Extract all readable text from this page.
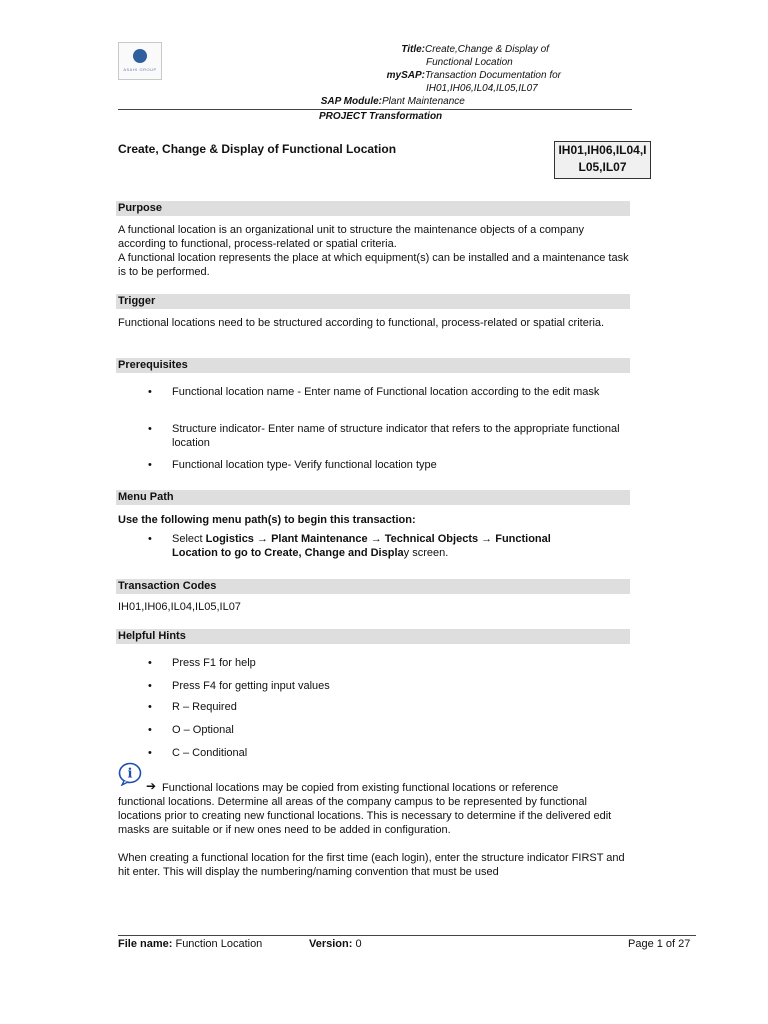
ASAHI GROUP
Title:Create,Change & Display of
Functional Location
mySAP:Transaction Documentation for
IH01,IH06,IL04,IL05,IL07
SAP Module:Plant Maintenance
PROJECT Transformation
Create, Change & Display of Functional Location	IH01,IH06,IL04,I
L05,IL07
Purpose
A functional location is an organizational unit to structure the maintenance objects of a company according to functional, process-related or spatial criteria.
A functional location represents the place at which equipment(s) can be installed and a maintenance task is to be performed.
Trigger
Functional locations need to be structured according to functional, process-related or spatial criteria.
Prerequisites
• Functional location name - Enter name of Functional location according to the edit mask
• Structure indicator- Enter name of structure indicator that refers to the appropriate functional location
• Functional location type- Verify functional location type
Menu Path
Use the following menu path(s) to begin this transaction:
• Select Logistics → Plant Maintenance → Technical Objects → Functional
Location to go to Create, Change and Display screen.
Transaction Codes
IH01,IH06,IL04,IL05,IL07
Helpful Hints
• Press F1 for help
• Press F4 for getting input values
• R – Required
• O – Optional
• C – Conditional
i
➔ Functional locations may be copied from existing functional locations or reference
functional locations. Determine all areas of the company campus to be represented by functional locations prior to creating new functional locations. This is necessary to determine if the delivered edit masks are suitable or if new ones need to be added in configuration.
When creating a functional location for the first time (each login), enter the structure indicator FIRST and hit enter. This will display the numbering/naming convention that must be used
File name: Function Location	Version: 0	Page 1 of 27
